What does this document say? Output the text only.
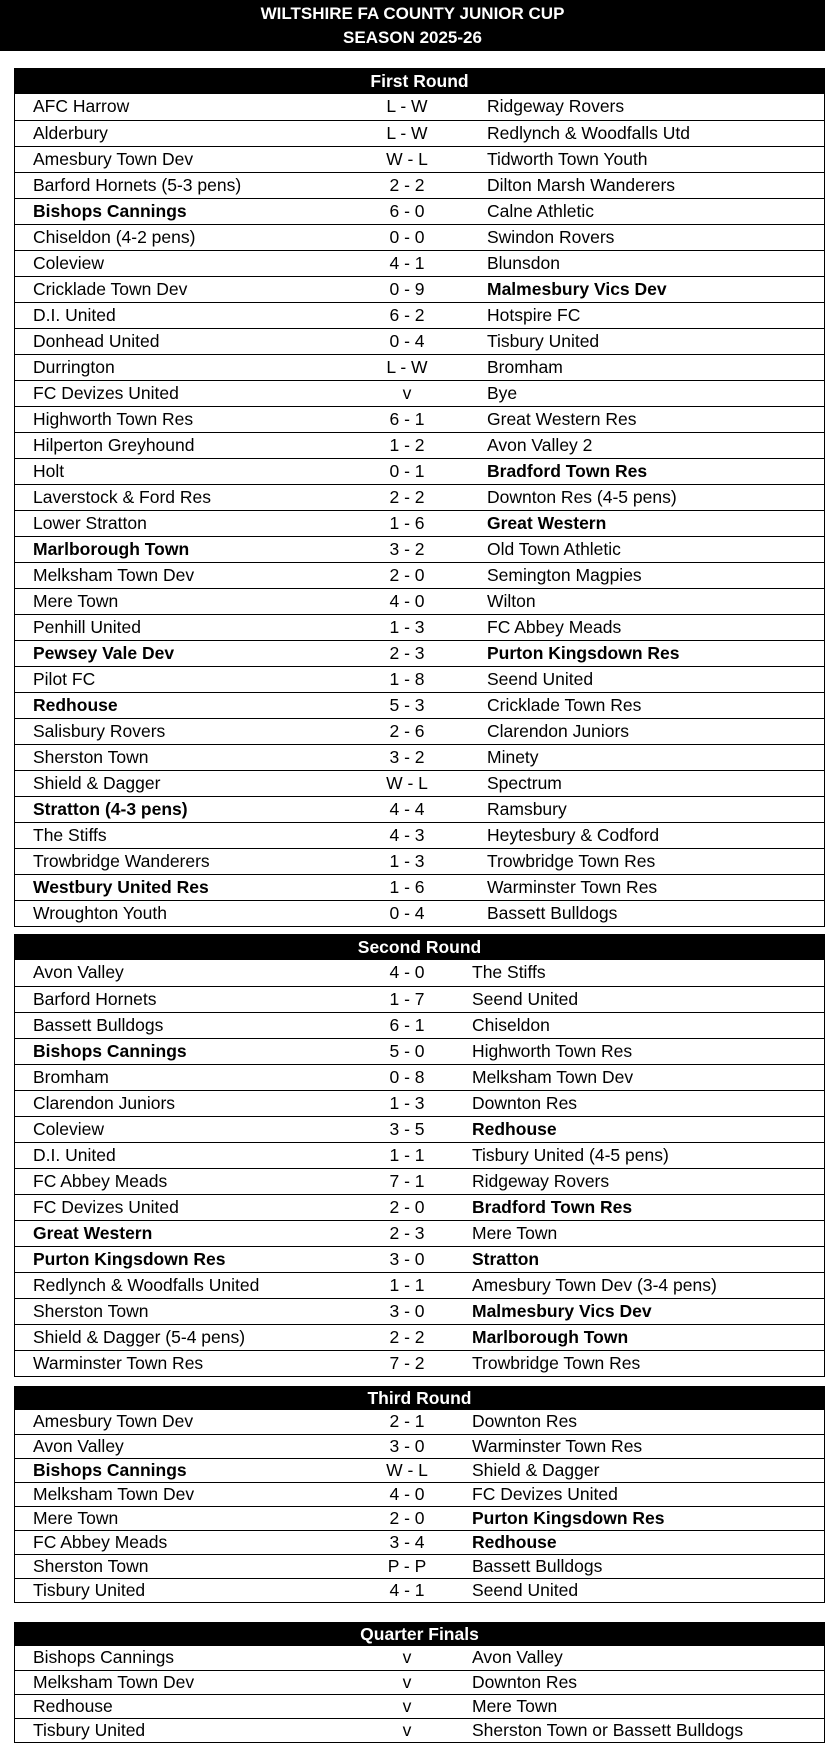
WILTSHIRE FA COUNTY JUNIOR CUP
SEASON 2025-26
First Round
AFC Harrow	L - W	Ridgeway Rovers
Alderbury	L - W	Redlynch & Woodfalls Utd
Amesbury Town Dev	W - L	Tidworth Town Youth
Barford Hornets (5-3 pens)	2 - 2	Dilton Marsh Wanderers
Bishops Cannings	6 - 0	Calne Athletic
Chiseldon (4-2 pens)	0 - 0	Swindon Rovers
Coleview	4 - 1	Blunsdon
Cricklade Town Dev	0 - 9	Malmesbury Vics Dev
D.I. United	6 - 2	Hotspire FC
Donhead United	0 - 4	Tisbury United
Durrington	L - W	Bromham
FC Devizes United	v	Bye
Highworth Town Res	6 - 1	Great Western Res
Hilperton Greyhound	1 - 2	Avon Valley 2
Holt	0 - 1	Bradford Town Res
Laverstock & Ford Res	2 - 2	Downton Res (4-5 pens)
Lower Stratton	1 - 6	Great Western
Marlborough Town	3 - 2	Old Town Athletic
Melksham Town Dev	2 - 0	Semington Magpies
Mere Town	4 - 0	Wilton
Penhill United	1 - 3	FC Abbey Meads
Pewsey Vale Dev	2 - 3	Purton Kingsdown Res
Pilot FC	1 - 8	Seend United
Redhouse	5 - 3	Cricklade Town Res
Salisbury Rovers	2 - 6	Clarendon Juniors
Sherston Town	3 - 2	Minety
Shield & Dagger	W - L	Spectrum
Stratton (4-3 pens)	4 - 4	Ramsbury
The Stiffs	4 - 3	Heytesbury & Codford
Trowbridge Wanderers	1 - 3	Trowbridge Town Res
Westbury United Res	1 - 6	Warminster Town Res
Wroughton Youth	0 - 4	Bassett Bulldogs
Second Round
Avon Valley	4 - 0	The Stiffs
Barford Hornets	1 - 7	Seend United
Bassett Bulldogs	6 - 1	Chiseldon
Bishops Cannings	5 - 0	Highworth Town Res
Bromham	0 - 8	Melksham Town Dev
Clarendon Juniors	1 - 3	Downton Res
Coleview	3 - 5	Redhouse
D.I. United	1 - 1	Tisbury United (4-5 pens)
FC Abbey Meads	7 - 1	Ridgeway Rovers
FC Devizes United	2 - 0	Bradford Town Res
Great Western	2 - 3	Mere Town
Purton Kingsdown Res	3 - 0	Stratton
Redlynch & Woodfalls United	1 - 1	Amesbury Town Dev (3-4 pens)
Sherston Town	3 - 0	Malmesbury Vics Dev
Shield & Dagger (5-4 pens)	2 - 2	Marlborough Town
Warminster Town Res	7 - 2	Trowbridge Town Res
Third Round
Amesbury Town Dev	2 - 1	Downton Res
Avon Valley	3 - 0	Warminster Town Res
Bishops Cannings	W - L	Shield & Dagger
Melksham Town Dev	4 - 0	FC Devizes United
Mere Town	2 - 0	Purton Kingsdown Res
FC Abbey Meads	3 - 4	Redhouse
Sherston Town	P - P	Bassett Bulldogs
Tisbury United	4 - 1	Seend United
Quarter Finals
Bishops Cannings	v	Avon Valley
Melksham Town Dev	v	Downton Res
Redhouse	v	Mere Town
Tisbury United	v	Sherston Town or Bassett Bulldogs
